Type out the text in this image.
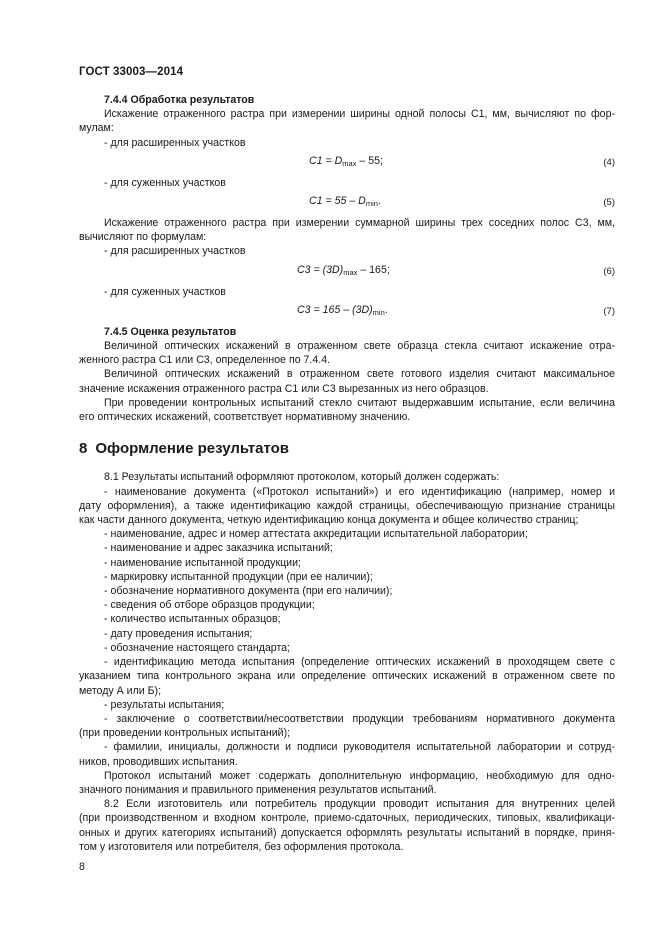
ГОСТ 33003—2014

7.4.4 Обработка результатов

Искажение отраженного растра при измерении ширины одной полосы C1, мм, вычисляют по фор-

мулам:

- для расширенных участков

$C1 = D_{max} - 55$;	(4)

- для суженных участков

$C1 = 55 - D_{min}$.	(5)

Искажение отраженного растра при измерении суммарной ширины трех соседних полос C3, мм,

вычисляют по формулам:

- для расширенных участков

$C3 = (3D)_{max} - 165$;	(6)

- для суженных участков

$C3 = 165 - (3D)_{min}$.	(7)

7.4.5 Оценка результатов

Величиной оптических искажений в отраженном свете образца стекла считают искажение отра-

женного растра C1 или C3, определенное по 7.4.4.

Величиной оптических искажений в отраженном свете готового изделия считают максимальное

значение искажения отраженного растра С1 или С3 вырезанных из него образцов.

При проведении контрольных испытаний стекло считают выдержавшим испытание, если величина

его оптических искажений, соответствует нормативному значению.

8 Оформление результатов

8.1 Результаты испытаний оформляют протоколом, который должен содержать:

- наименование документа («Протокол испытаний») и его идентификацию (например, номер и

дату оформления), а также идентификацию каждой страницы, обеспечивающую признание страницы

как части данного документа, четкую идентификацию конца документа и общее количество страниц;

- наименование, адрес и номер аттестата аккредитации испытательной лаборатории;

- наименование и адрес заказчика испытаний;

- наименование испытанной продукции;

- маркировку испытанной продукции (при ее наличии);

- обозначение нормативного документа (при его наличии);

- сведения об отборе образцов продукции;

- количество испытанных образцов;

- дату проведения испытания;

- обозначение настоящего стандарта;

- идентификацию метода испытания (определение оптических искажений в проходящем свете с

указанием типа контрольного экрана или определение оптических искажений в отраженном свете по

методу А или Б);

- результаты испытания;

- заключение о соответствии/несоответствии продукции требованиям нормативного документа

(при проведении контрольных испытаний);

- фамилии, инициалы, должности и подписи руководителя испытательной лаборатории и сотруд-

ников, проводивших испытания.

Протокол испытаний может содержать дополнительную информацию, необходимую для одно-

значного понимания и правильного применения результатов испытаний.

8.2 Если изготовитель или потребитель продукции проводит испытания для внутренних целей

(при производственном и входном контроле, приемо-сдаточных, периодических, типовых, квалификаци-

онных и других категориях испытаний) допускается оформлять результаты испытаний в порядке, приня-

том у изготовителя или потребителя, без оформления протокола.

8
